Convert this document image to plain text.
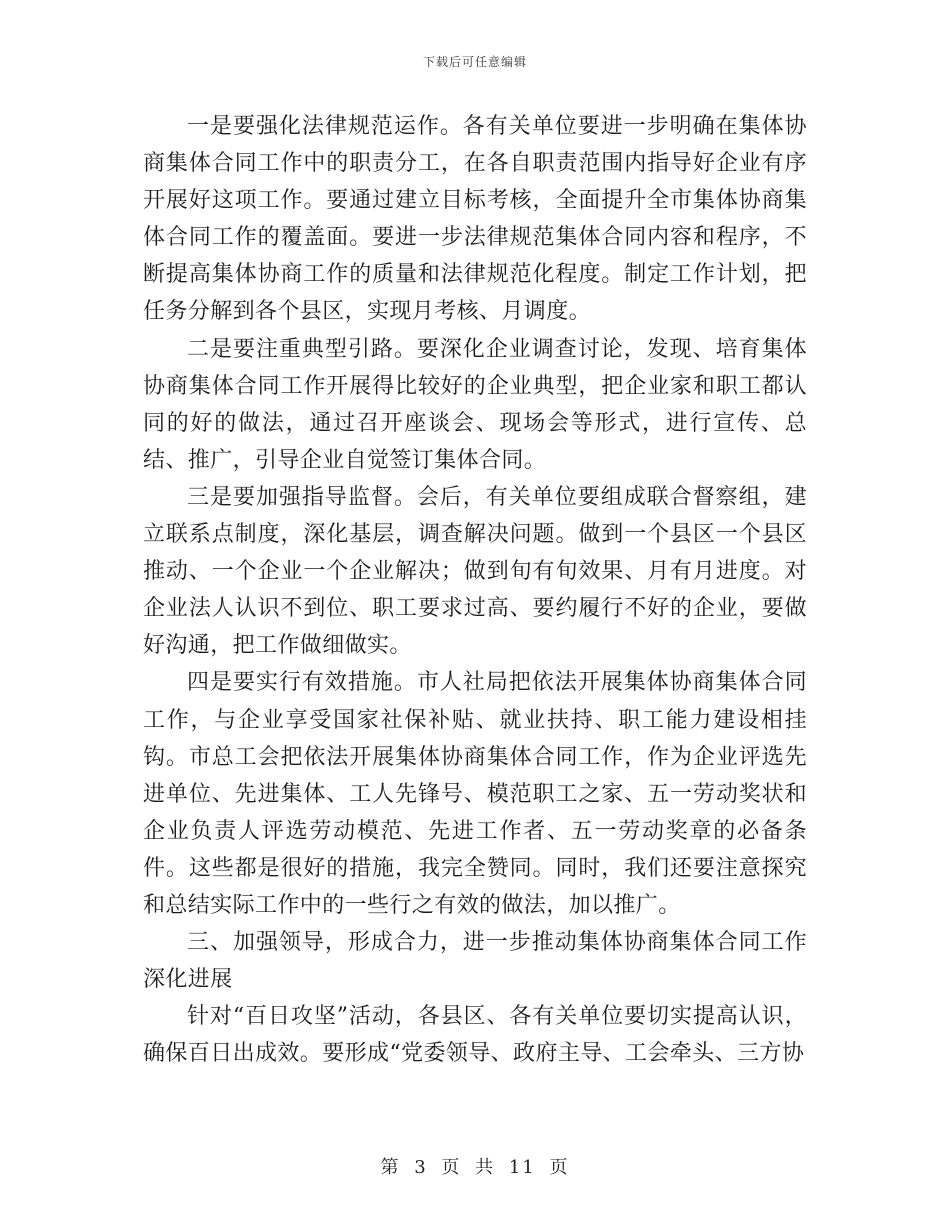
下载后可任意编辑

一是要强化法律规范运作。各有关单位要进一步明确在集体协商集体合同工作中的职责分工，在各自职责范围内指导好企业有序开展好这项工作。要通过建立目标考核，全面提升全市集体协商集体合同工作的覆盖面。要进一步法律规范集体合同内容和程序，不断提高集体协商工作的质量和法律规范化程度。制定工作计划，把任务分解到各个县区，实现月考核、月调度。

二是要注重典型引路。要深化企业调查讨论，发现、培育集体协商集体合同工作开展得比较好的企业典型，把企业家和职工都认同的好的做法，通过召开座谈会、现场会等形式，进行宣传、总结、推广，引导企业自觉签订集体合同。

三是要加强指导监督。会后，有关单位要组成联合督察组，建立联系点制度，深化基层，调查解决问题。做到一个县区一个县区推动、一个企业一个企业解决；做到旬有旬效果、月有月进度。对企业法人认识不到位、职工要求过高、要约履行不好的企业，要做好沟通，把工作做细做实。

四是要实行有效措施。市人社局把依法开展集体协商集体合同工作，与企业享受国家社保补贴、就业扶持、职工能力建设相挂钩。市总工会把依法开展集体协商集体合同工作，作为企业评选先进单位、先进集体、工人先锋号、模范职工之家、五一劳动奖状和企业负责人评选劳动模范、先进工作者、五一劳动奖章的必备条件。这些都是很好的措施，我完全赞同。同时，我们还要注意探究和总结实际工作中的一些行之有效的做法，加以推广。

三、加强领导，形成合力，进一步推动集体协商集体合同工作深化进展

针对“百日攻坚”活动，各县区、各有关单位要切实提高认识，确保百日出成效。要形成“党委领导、政府主导、工会牵头、三方协

第 3 页 共 11 页
